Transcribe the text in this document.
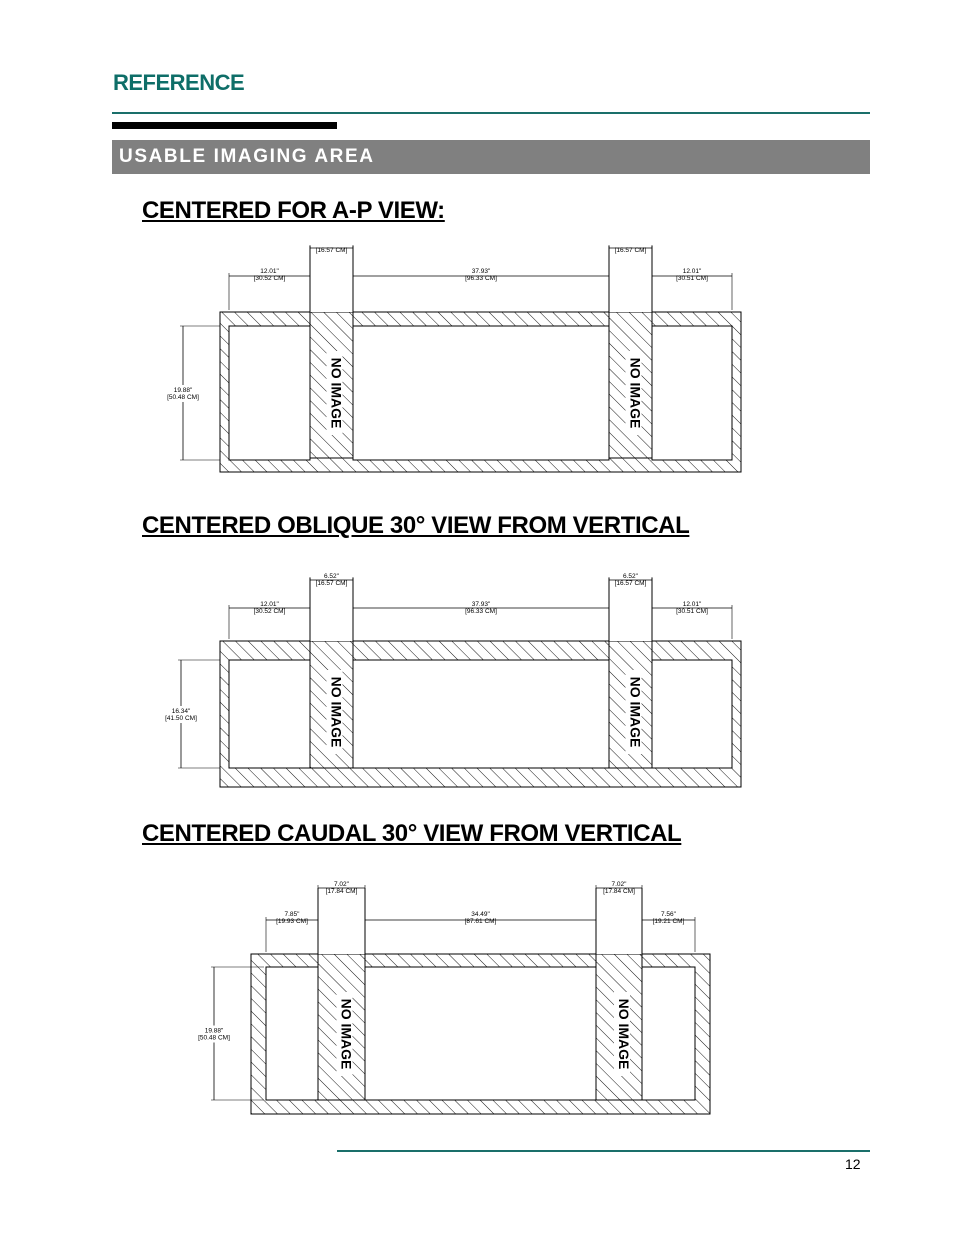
REFERENCE
USABLE IMAGING AREA
CENTERED FOR A-P VIEW:
NO IMAGE	NO IMAGE
12.01" [30.52 CM]
37.93" [96.33 CM]
12.01" [30.51 CM]
[16.57 CM]	[16.57 CM]
19.88" [50.48 CM]
CENTERED OBLIQUE 30° VIEW FROM VERTICAL
NO IMAGE	NO IMAGE
12.01" [30.52 CM]
37.93" [96.33 CM]
12.01" [30.51 CM]
6.52" [16.57 CM]
6.52" [16.57 CM]
16.34" [41.50 CM]
CENTERED CAUDAL 30° VIEW FROM VERTICAL
NO IMAGE	NO IMAGE
7.85" [19.93 CM]
34.49" [87.61 CM]
7.56" [19.21 CM]
7.02" [17.84 CM]
7.02" [17.84 CM]
19.88" [50.48 CM]
12
